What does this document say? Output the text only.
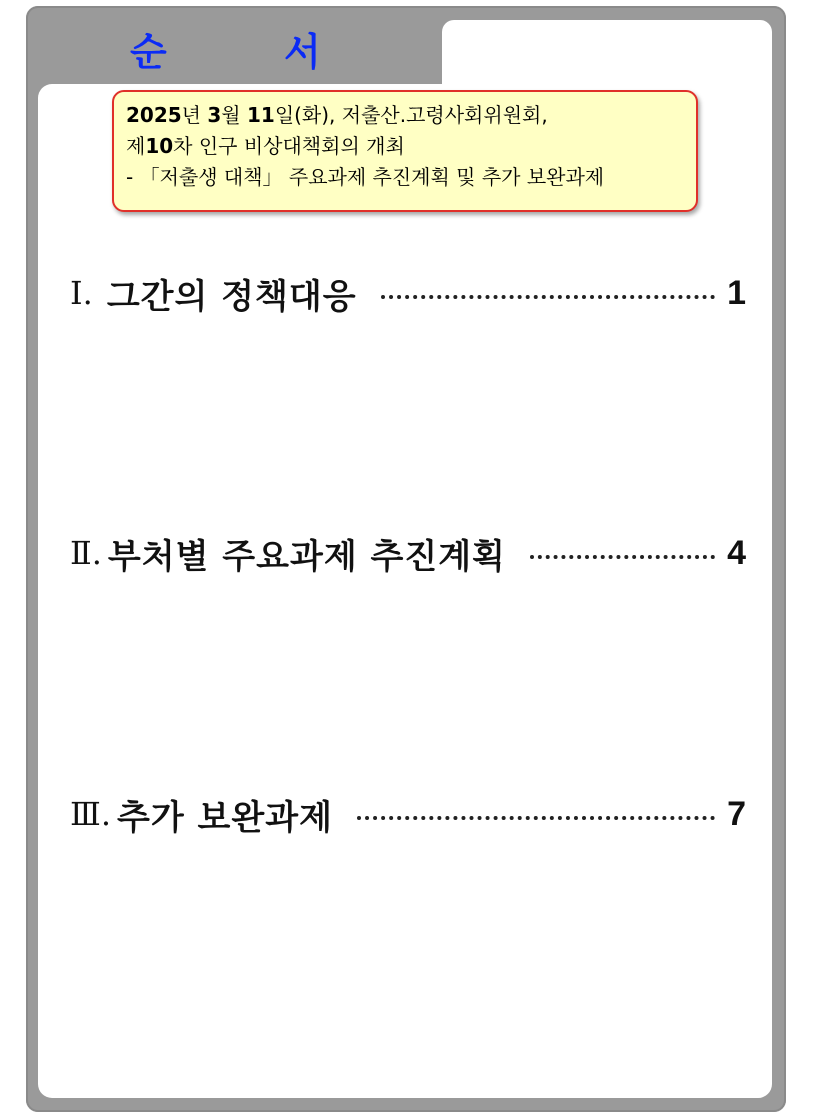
순 서
2025년 3월 11일(화), 저출산.고령사회위원회,
제10차 인구 비상대책회의 개최
- 「저출생 대책」 주요과제 추진계획 및 추가 보완과제
Ⅰ. 그간의 정책대응	1
Ⅱ. 부처별 주요과제 추진계획	4
Ⅲ. 추가 보완과제	7
